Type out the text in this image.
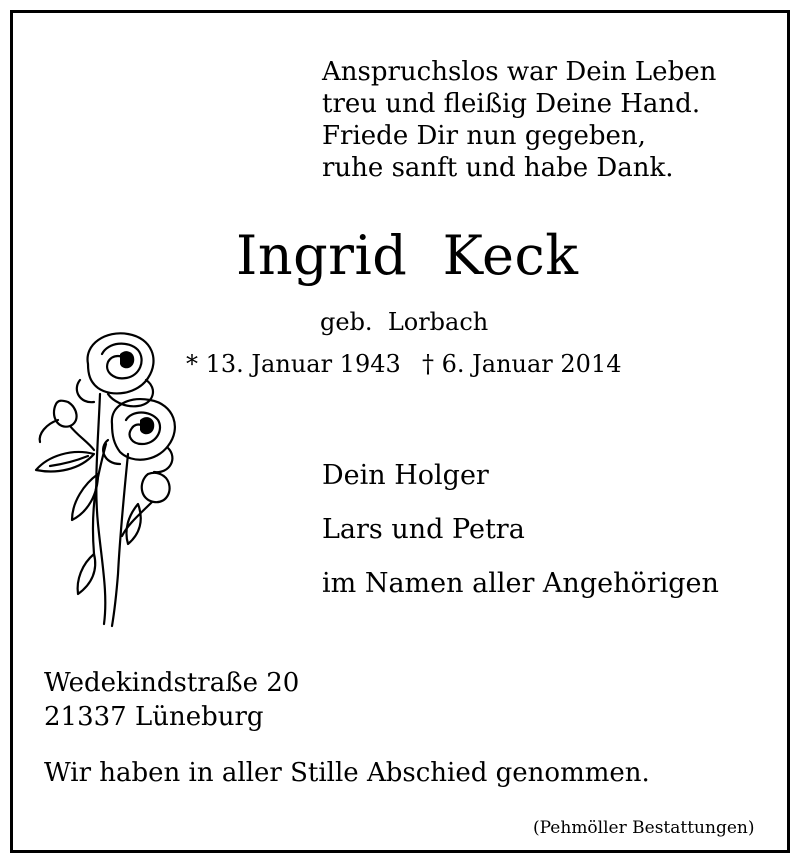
Anspruchslos war Dein Leben
treu und fleißig Deine Hand.
Friede Dir nun gegeben,
ruhe sanft und habe Dank.
Ingrid  Keck
geb.  Lorbach
* 13. Januar 1943 † 6. Januar 2014
Dein Holger
Lars und Petra
im Namen aller Angehörigen
Wedekindstraße 20
21337 Lüneburg
Wir haben in aller Stille Abschied genommen.
(Pehmöller Bestattungen)
